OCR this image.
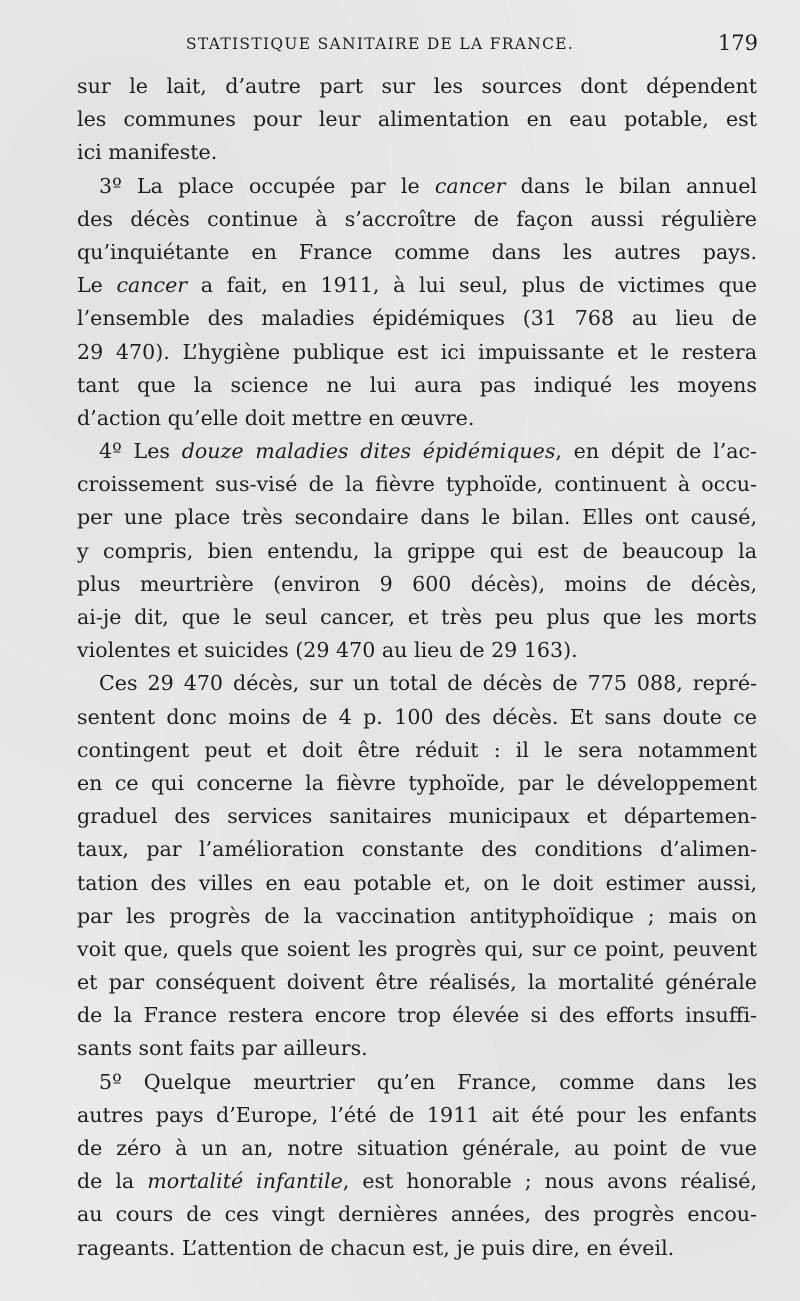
STATISTIQUE SANITAIRE DE LA FRANCE.	179
sur le lait, d’autre part sur les sources dont dépendent
les communes pour leur alimentation en eau potable, est
ici manifeste.
3º La place occupée par le cancer dans le bilan annuel
des décès continue à s’accroître de façon aussi régulière
qu’inquiétante en France comme dans les autres pays.
Le cancer a fait, en 1911, à lui seul, plus de victimes que
l’ensemble des maladies épidémiques (31 768 au lieu de
29 470). L’hygiène publique est ici impuissante et le restera
tant que la science ne lui aura pas indiqué les moyens
d’action qu’elle doit mettre en œuvre.
4º Les douze maladies dites épidémiques, en dépit de l’ac-
croissement sus-visé de la fièvre typhoïde, continuent à occu-
per une place très secondaire dans le bilan. Elles ont causé,
y compris, bien entendu, la grippe qui est de beaucoup la
plus meurtrière (environ 9 600 décès), moins de décès,
ai-je dit, que le seul cancer, et très peu plus que les morts
violentes et suicides (29 470 au lieu de 29 163).
Ces 29 470 décès, sur un total de décès de 775 088, repré-
sentent donc moins de 4 p. 100 des décès. Et sans doute ce
contingent peut et doit être réduit : il le sera notamment
en ce qui concerne la fièvre typhoïde, par le développement
graduel des services sanitaires municipaux et départemen-
taux, par l’amélioration constante des conditions d’alimen-
tation des villes en eau potable et, on le doit estimer aussi,
par les progrès de la vaccination antityphoïdique ; mais on
voit que, quels que soient les progrès qui, sur ce point, peuvent
et par conséquent doivent être réalisés, la mortalité générale
de la France restera encore trop élevée si des efforts insuffi-
sants sont faits par ailleurs.
5º Quelque meurtrier qu’en France, comme dans les
autres pays d’Europe, l’été de 1911 ait été pour les enfants
de zéro à un an, notre situation générale, au point de vue
de la mortalité infantile, est honorable ; nous avons réalisé,
au cours de ces vingt dernières années, des progrès encou-
rageants. L’attention de chacun est, je puis dire, en éveil.
